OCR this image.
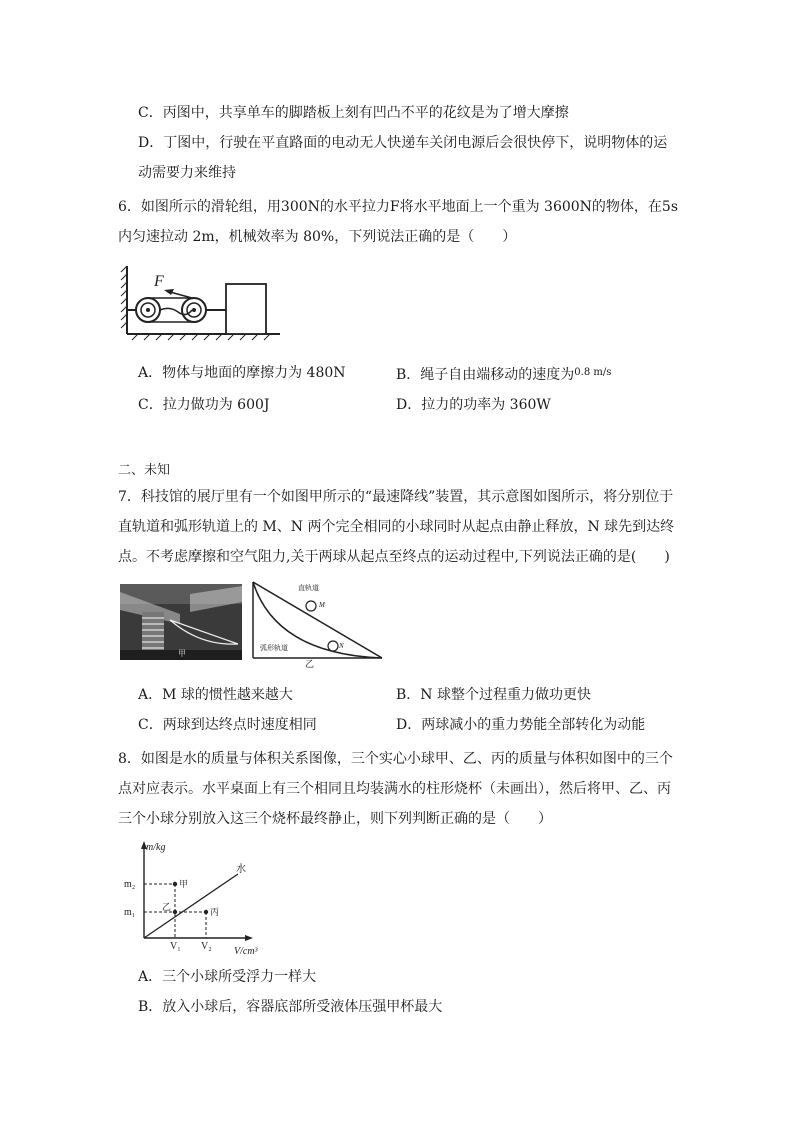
C．丙图中，共享单车的脚踏板上刻有凹凸不平的花纹是为了增大摩擦
D．丁图中，行驶在平直路面的电动无人快递车关闭电源后会很快停下，说明物体的运
动需要力来维持
6．如图所示的滑轮组，用300N的水平拉力F将水平地面上一个重为 3600N的物体，在5s
内匀速拉动 2m，机械效率为 80%，下列说法正确的是（　　）
F
A．物体与地面的摩擦力为 480N	B．绳子自由端移动的速度为$^{0.8 m/s}$
C．拉力做功为 600J	D．拉力的功率为 360W
二、未知
7．科技馆的展厅里有一个如图甲所示的“最速降线”装置，其示意图如图所示，将分别位于
直轨道和弧形轨道上的 M、N 两个完全相同的小球同时从起点由静止释放，N 球先到达终
点。不考虑摩擦和空气阻力,关于两球从起点至终点的运动过程中,下列说法正确的是(　　)
甲
直轨道
M
N
弧形轨道
乙
A．M 球的惯性越来越大	B．N 球整个过程重力做功更快
C．两球到达终点时速度相同	D．两球减小的重力势能全部转化为动能
8．如图是水的质量与体积关系图像，三个实心小球甲、乙、丙的质量与体积如图中的三个
点对应表示。水平桌面上有三个相同且均装满水的柱形烧杯（未画出），然后将甲、乙、丙
三个小球分别放入这三个烧杯最终静止，则下列判断正确的是（　　）
m/kg
V/cm³
m₂
m₁
V₁ V₂
水
甲
乙	丙
A．三个小球所受浮力一样大
B．放入小球后，容器底部所受液体压强甲杯最大
